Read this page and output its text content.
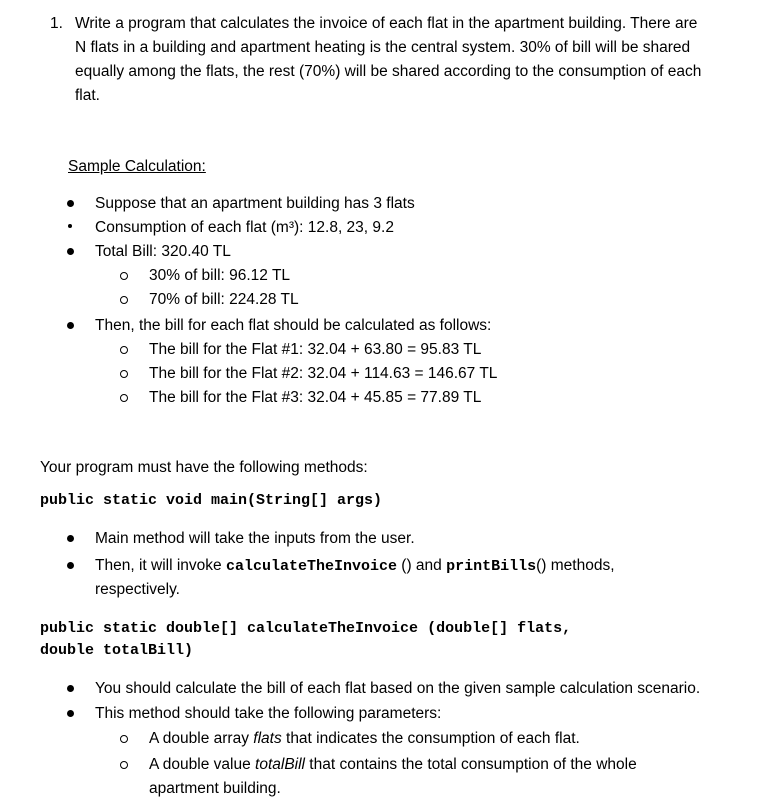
1. Write a program that calculates the invoice of each flat in the apartment building. There are
N flats in a building and apartment heating is the central system. 30% of bill will be shared
equally among the flats, the rest (70%) will be shared according to the consumption of each
flat.
Sample Calculation:
Suppose that an apartment building has 3 flats
Consumption of each flat (m³): 12.8, 23, 9.2
Total Bill: 320.40 TL
30% of bill: 96.12 TL
70% of bill: 224.28 TL
Then, the bill for each flat should be calculated as follows:
The bill for the Flat #1: 32.04 + 63.80 = 95.83 TL
The bill for the Flat #2: 32.04 + 114.63 = 146.67 TL
The bill for the Flat #3: 32.04 + 45.85 = 77.89 TL
Your program must have the following methods:
public static void main(String[] args)
Main method will take the inputs from the user.
Then, it will invoke calculateTheInvoice () and printBills() methods,
respectively.
public static double[] calculateTheInvoice (double[] flats,
double totalBill)
You should calculate the bill of each flat based on the given sample calculation scenario.
This method should take the following parameters:
A double array flats that indicates the consumption of each flat.
A double value totalBill that contains the total consumption of the whole
apartment building.
